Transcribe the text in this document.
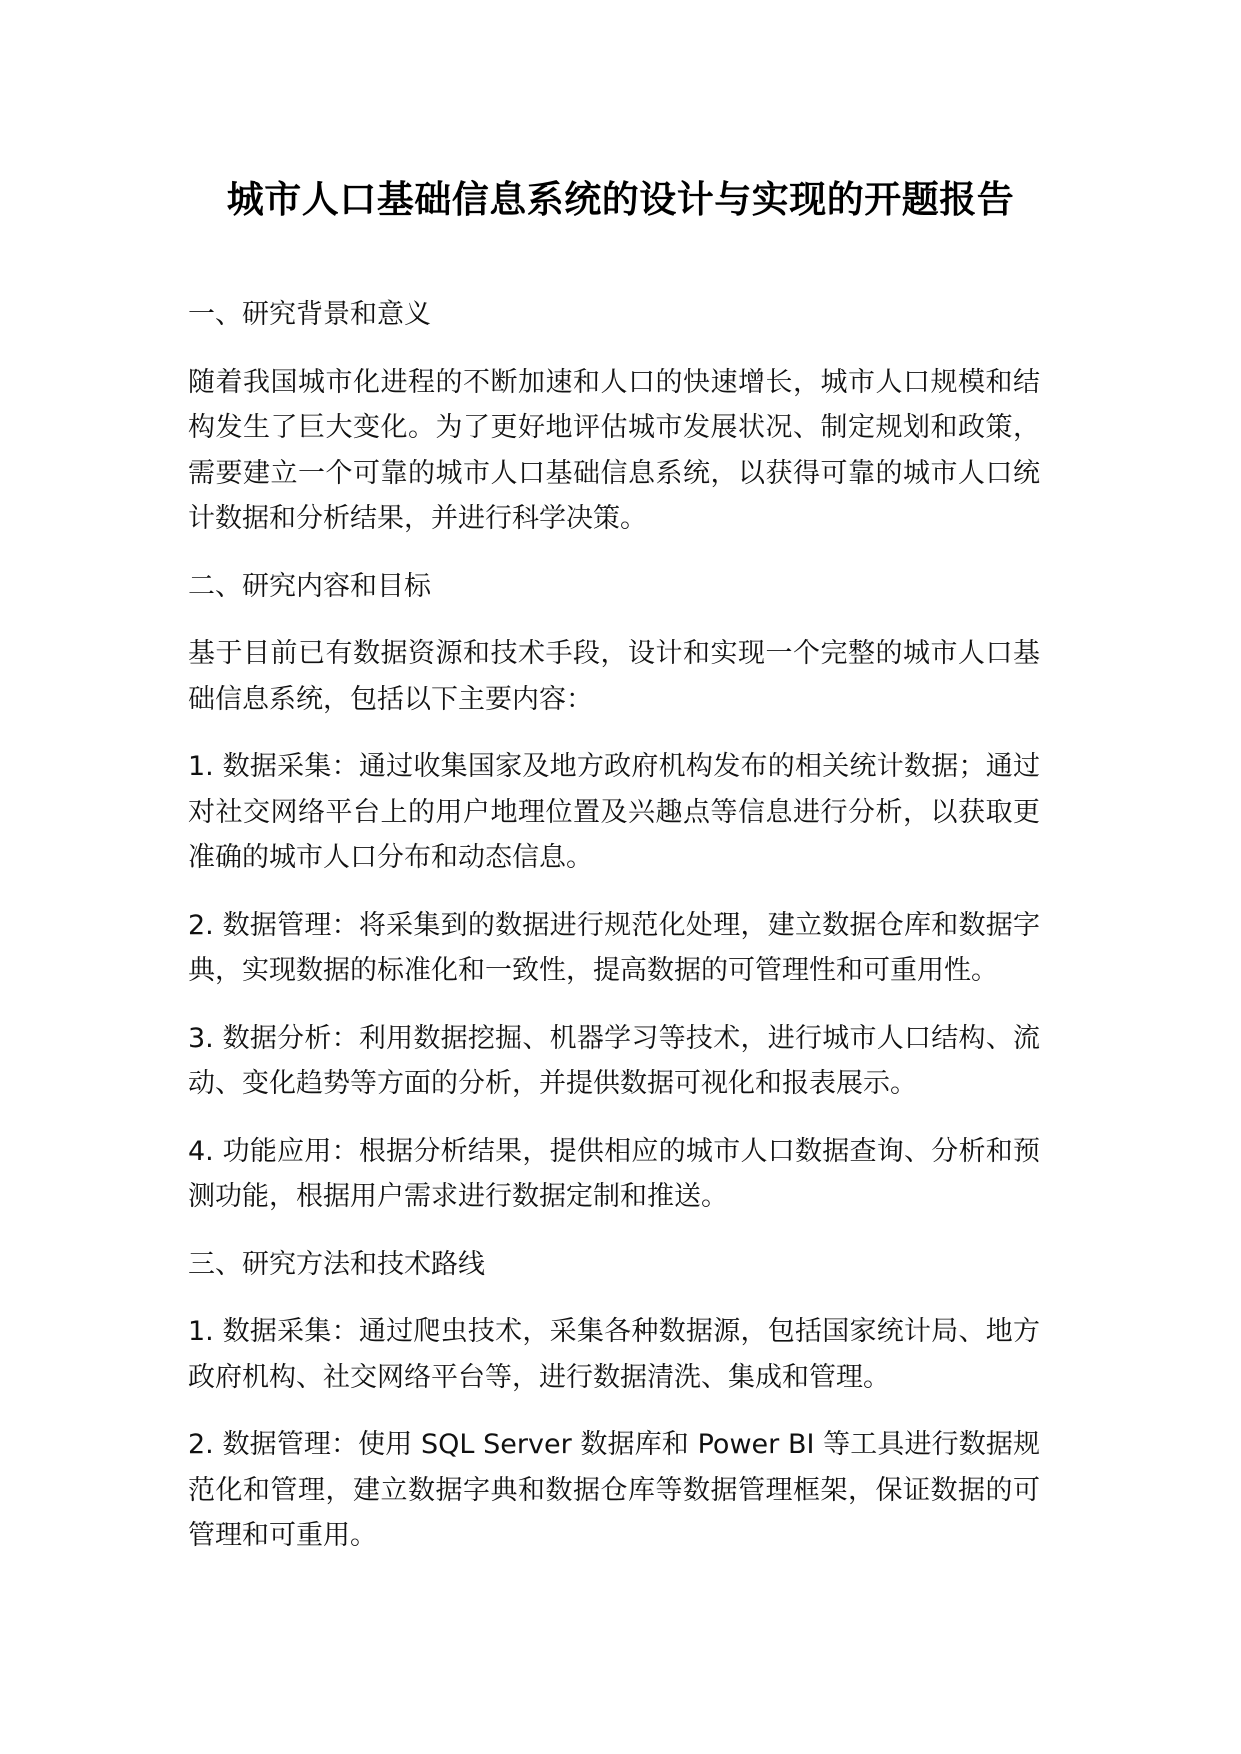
城市人口基础信息系统的设计与实现的开题报告

一、研究背景和意义

随着我国城市化进程的不断加速和人口的快速增长，城市人口规模和结构发生了巨大变化。为了更好地评估城市发展状况、制定规划和政策，需要建立一个可靠的城市人口基础信息系统，以获得可靠的城市人口统计数据和分析结果，并进行科学决策。

二、研究内容和目标

基于目前已有数据资源和技术手段，设计和实现一个完整的城市人口基础信息系统，包括以下主要内容：

1. 数据采集：通过收集国家及地方政府机构发布的相关统计数据；通过对社交网络平台上的用户地理位置及兴趣点等信息进行分析，以获取更准确的城市人口分布和动态信息。

2. 数据管理：将采集到的数据进行规范化处理，建立数据仓库和数据字典，实现数据的标准化和一致性，提高数据的可管理性和可重用性。

3. 数据分析：利用数据挖掘、机器学习等技术，进行城市人口结构、流动、变化趋势等方面的分析，并提供数据可视化和报表展示。

4. 功能应用：根据分析结果，提供相应的城市人口数据查询、分析和预测功能，根据用户需求进行数据定制和推送。

三、研究方法和技术路线

1. 数据采集：通过爬虫技术，采集各种数据源，包括国家统计局、地方政府机构、社交网络平台等，进行数据清洗、集成和管理。

2. 数据管理：使用 SQL Server 数据库和 Power BI 等工具进行数据规范化和管理，建立数据字典和数据仓库等数据管理框架，保证数据的可管理和可重用。
